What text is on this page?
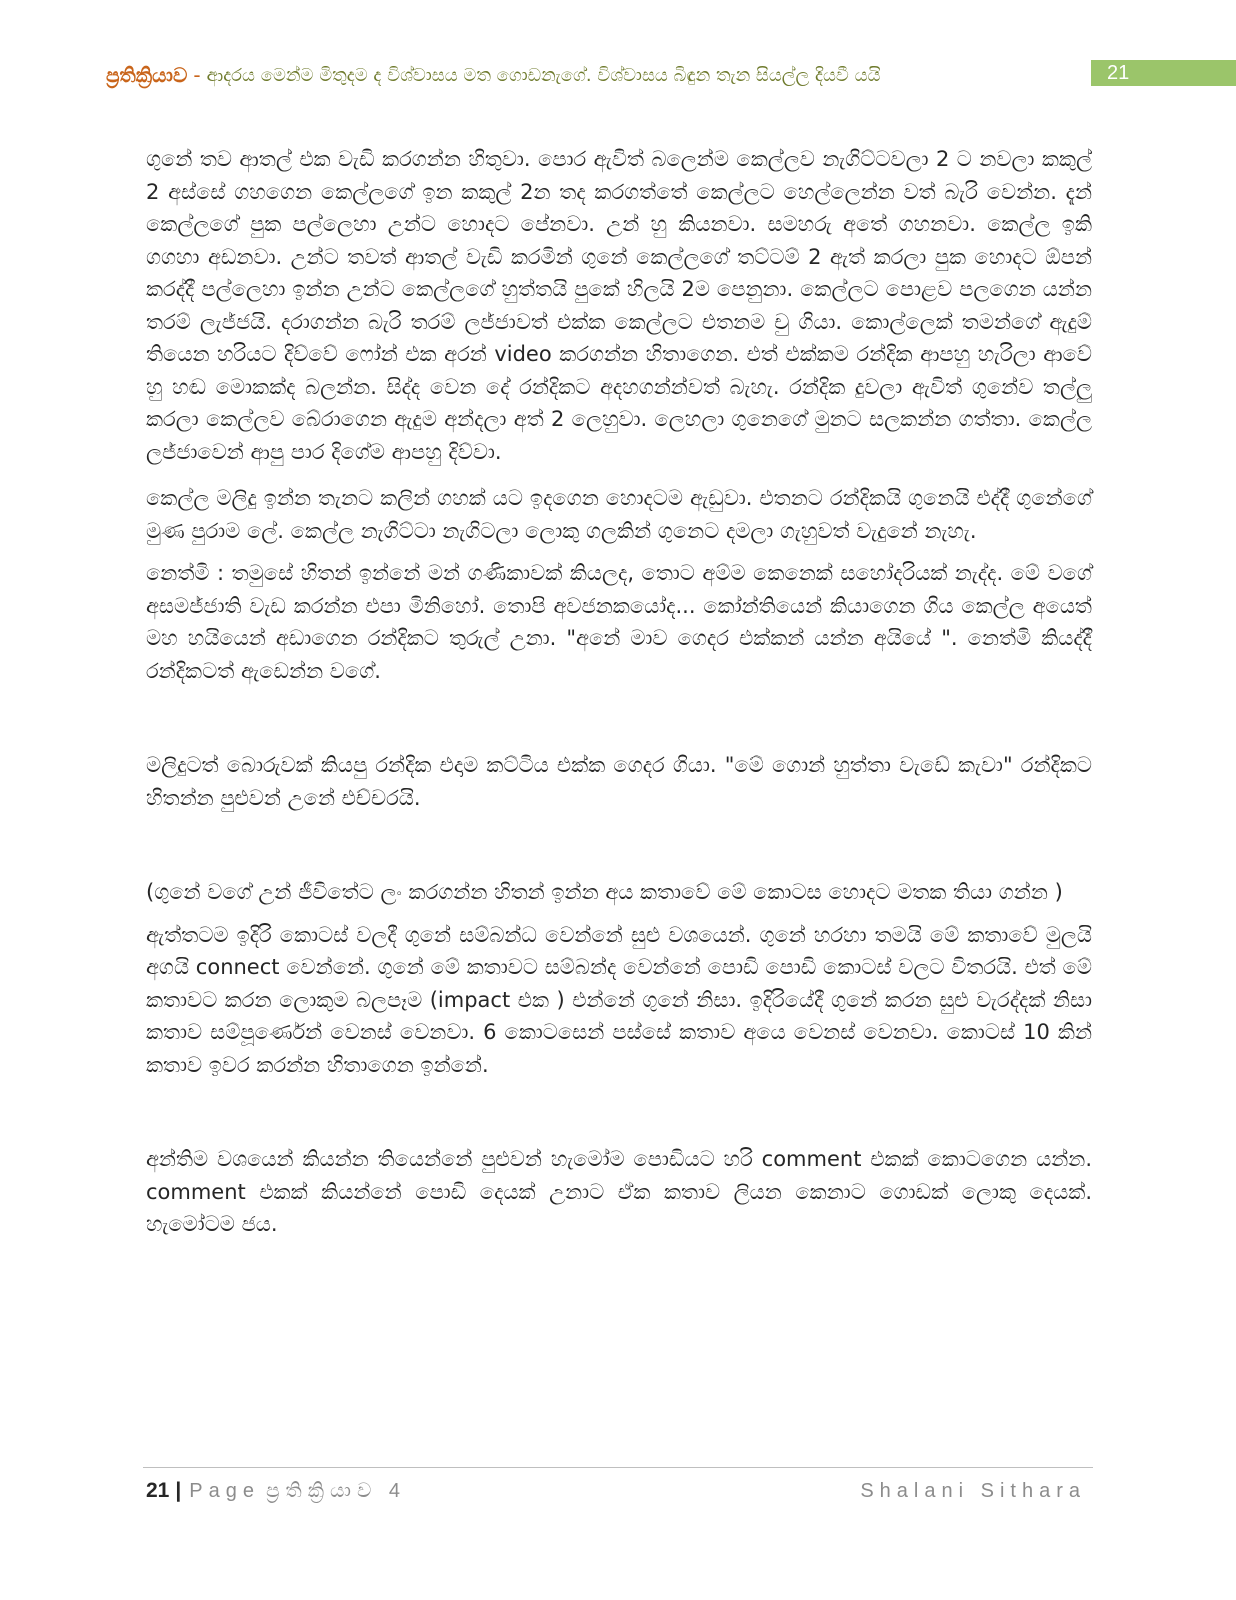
ප්‍රතික්‍රියාව - ආදරය මෙන්ම මිතුදම ද විශ්වාසය මත ගොඩනැගේ. විශ්වාසය බිඳුන තැන සියල්ල දියවී යයි	21

ගුනේ තව ආතල් එක වැඩි කරගන්න හිතුවා. පොර ඇවිත් බලෙන්ම කෙල්ලව නැගිට්ටවලා 2 ට නවලා කකුල් 2 අස්සේ ගහගෙන කෙල්ලගේ ඉන කකුල් 2න තද කරගත්තේ කෙල්ලට හෙල්ලෙන්න වත් බැරි වෙන්න. දැන් කෙල්ලගේ පුක පල්ලෙහා උන්ට හොදට පේනවා. උන් හු කියනවා. සමහරු අතේ ගහනවා. කෙල්ල ඉකි ගගහා අඩනවා. උන්ට තවත් ආතල් වැඩි කරමින් ගුනේ කෙල්ලගේ තට්ටම් 2 ඇත් කරලා පුක හොදට ඕපන් කරද්දී පල්ලෙහා ඉන්න උන්ට කෙල්ලගේ හුත්තයි පුකේ හිලයි 2ම පෙනුනා. කෙල්ලට පොළව පලගෙන යන්න තරම් ලැජ්ජයි. දරාගන්න බැරි තරම් ලජ්ජාවත් එක්ක කෙල්ලට එතනම චු ගියා. කොල්ලෙක් තමන්ගේ ඇදුම් තියෙන හරියට දිව්වේ ෆෝන් එක අරන් video කරගන්න හිතාගෙන. එත් එක්කම රන්දික ආපහු හැරිලා ආවේ හු හඬ මොකක්ද බලන්න. සිද්ද වෙන දේ රන්දිකට අදහගන්න්වත් බැහැ. රන්දික දුවලා ඇවිත් ගුනේව තල්ලු කරලා කෙල්ලව බේරාගෙන ඇදුම අන්දලා අත් 2 ලෙහුවා. ලෙහලා ගුනෙගේ මුනට සලකන්න ගත්තා. කෙල්ල ලජ්ජාවෙන් ආපු පාර දිගේම ආපහු දිව්වා.

කෙල්ල මලිදු ඉන්න තැනට කලින් ගහක් යට ඉදගෙන හොදටම ඇඩුවා. එතනට රන්දිකයි ගුනෙයි එද්දී ගුනේගේ මුණ පුරාම ලේ. කෙල්ල නැගිට්ටා නැගිටලා ලොකු ගලකින් ගුනෙට දමලා ගැහුවත් වැදුනේ නැහැ.

නෙත්මි : තමුසේ හිතන් ඉන්නේ මන් ගණිකාවක් කියලද, තොට අම්ම කෙනෙක් සහෝදරියක් නැද්ද. මේ වගේ අසමජ්ජාති වැඩ කරන්න එපා මිනිහෝ. තොපි අවජනකයෝද... කෝන්තියෙන් කියාගෙන ගිය කෙල්ල අයෙත් මහ හයියෙන් අඩාගෙන රන්දිකට තුරුල් උනා. "අනේ මාව ගෙදර එක්කන් යන්න අයියේ ". නෙත්මි කියද්දී රන්දිකටත් ඇඩෙන්න වගේ.

මලිදුටත් බොරුවක් කියපු රන්දික එදාම කට්ටිය එක්ක ගෙදර ගියා. "මේ ගොන් හුත්තා වැඩේ කැවා" රන්දිකට හිතන්න පුළුවන් උනේ එච්චරයි.

(ගුනේ වගේ උන් ජීවිතේට ලං කරගන්න හිතන් ඉන්න අය කතාවේ මේ කොටස හොදට මතක තියා ගන්න )

ඇත්තටම ඉදිරි කොටස් වලදී ගුනේ සම්බන්ධ වෙන්නේ සුළු වශයෙන්. ගුනේ හරහා තමයි මේ කතාවේ මුලයි අගයි connect වෙන්නේ. ගුනේ මේ කතාවට සම්බන්ද වෙන්නේ පොඩි පොඩි කොටස් වලට විතරයි. එත් මේ කතාවට කරන ලොකුම බලපෑම (impact එක ) එන්නේ ගුනේ නිසා. ඉදිරියේදී ගුනේ කරන සුළු වැරද්දක් නිසා කතාව සම්පූර්ණෙන් වෙනස් වෙනවා. 6 කොටසෙන් පස්සේ කතාව අයෙ වෙනස් වෙනවා. කොටස් 10 කින් කතාව ඉවර කරන්න හිතාගෙන ඉන්නේ.

අන්තිම වශයෙන් කියන්න තියෙන්නේ පුළුවන් හැමෝම පොඩියට හරි comment එකක් කොටගෙන යන්න. comment එකක් කියන්නේ පොඩි දෙයක් උනාට ඒක කතාව ලියන කෙනාට ගොඩක් ලොකු දෙයක්. හැමෝටම ජය.

21 | Page ප්‍රතික්‍රියාව 4	Shalani Sithara
